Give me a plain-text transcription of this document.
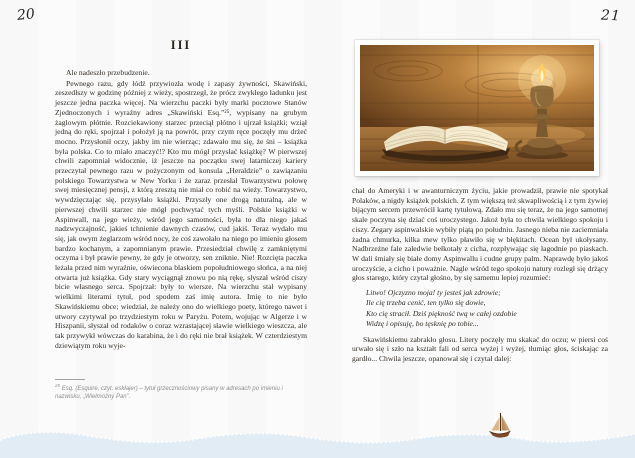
20	21
III

Ale nadeszło przebudzenie.

Pewnego razu, gdy łódź przywiozła wodę i zapasy żywności, Skawiński, zeszedłszy w godzinę później z wieży, spostrzegł, że prócz zwykłego ładunku jest jeszcze jedna paczka więcej. Na wierzchu paczki były marki pocztowe Stanów Zjednoczonych i wyraźny adres „Skawiński Esq.”²⁵, wypisany na grubym żaglowym płótnie. Rozciekawiony starzec przeciął płótno i ujrzał książki; wziął jedną do ręki, spojrzał i położył ją na powrót, przy czym ręce poczęły mu drżeć mocno. Przysłonił oczy, jakby im nie wierząc; zdawało mu się, że śni – książka była polska. Co to miało znaczyć!? Kto mu mógł przysłać książkę? W pierwszej chwili zapomniał widocznie, iż jeszcze na początku swej latarniczej kariery przeczytał pewnego razu w pożyczonym od konsula „Heraldzie” o zawiązaniu polskiego Towarzystwa w New Yorku i że zaraz przesłał Towarzystwu połowę swej miesięcznej pensji, z którą zresztą nie miał co robić na wieży. Towarzystwo, wywdzięczając się, przysyłało książki. Przyszły one drogą naturalną, ale w pierwszej chwili starzec nie mógł pochwytać tych myśli. Polskie książki w Aspinwall, na jego wieży, wśród jego samotności, była to dla niego jakaś nadzwyczajność, jakieś tchnienie dawnych czasów, cud jakiś. Teraz wydało mu się, jak owym żeglarzom wśród nocy, że coś zawołało na niego po imieniu głosem bardzo kochanym, a zapomnianym prawie. Przesiedział chwilę z zamkniętymi oczyma i był prawie pewny, że gdy je otworzy, sen zniknie. Nie! Rozcięta paczka leżała przed nim wyraźnie, oświecona blaskiem popołudniowego słońca, a na niej otwarta już książka. Gdy stary wyciągnął znowu po nią rękę, słyszał wśród ciszy bicie własnego serca. Spojrzał: były to wiersze. Na wierzchu stał wypisany wielkimi literami tytuł, pod spodem zaś imię autora. Imię to nie było Skawińskiemu obce; wiedział, że należy ono do wielkiego poety, którego nawet i utwory czytywał po trzydziestym roku w Paryżu. Potem, wojując w Algerze i w Hiszpanii, słyszał od rodaków o coraz wzrastającej sławie wielkiego wieszcza, ale tak przywykł wówczas do karabina, że i do ręki nie brał książek. W czterdziestym dziewiątym roku wyje-

$^{25}$ Esq. (Esquire, czyt. eskłajer) – tytuł grzecznościowy pisany w adresach po imieniu i nazwisku, „Wielmożny Pan”.

chał do Ameryki i w awanturniczym życiu, jakie prowadził, prawie nie spotykał Polaków, a nigdy książek polskich. Z tym większą też skwapliwością i z tym żywiej bijącym sercem przewrócił kartę tytułową. Zdało mu się teraz, że na jego samotnej skale poczyna się dziać coś uroczystego. Jakoż była to chwila wielkiego spokoju i ciszy. Zegary aspinwalskie wybiły piątą po południu. Jasnego nieba nie zaciemniała żadna chmurka, kilka mew tylko pławiło się w błękitach. Ocean był ukołysany. Nadbrzeżne fale zaledwie bełkotały z cicha, rozpływając się łagodnie po piaskach. W dali śmiały się białe domy Aspinwallu i cudne grupy palm. Naprawdę było jakoś uroczyście, a cicho i poważnie. Nagle wśród tego spokoju natury rozległ się drżący głos starego, który czytał głośno, by się samemu lepiej rozumieć:

Litwo! Ojczyzno moja! ty jesteś jak zdrowie;
Ile cię trzeba cenić, ten tylko się dowie,
Kto cię stracił. Dziś piękność twą w całej ozdobie
Widzę i opisuję, bo tęsknię po tobie...

Skawińskiemu zabrakło głosu. Litery poczęły mu skakać do oczu; w piersi coś urwało się i szło na kształt fali od serca wyżej i wyżej, tłumiąc głos, ściskając za gardło... Chwila jeszcze, opanował się i czytał dalej:
